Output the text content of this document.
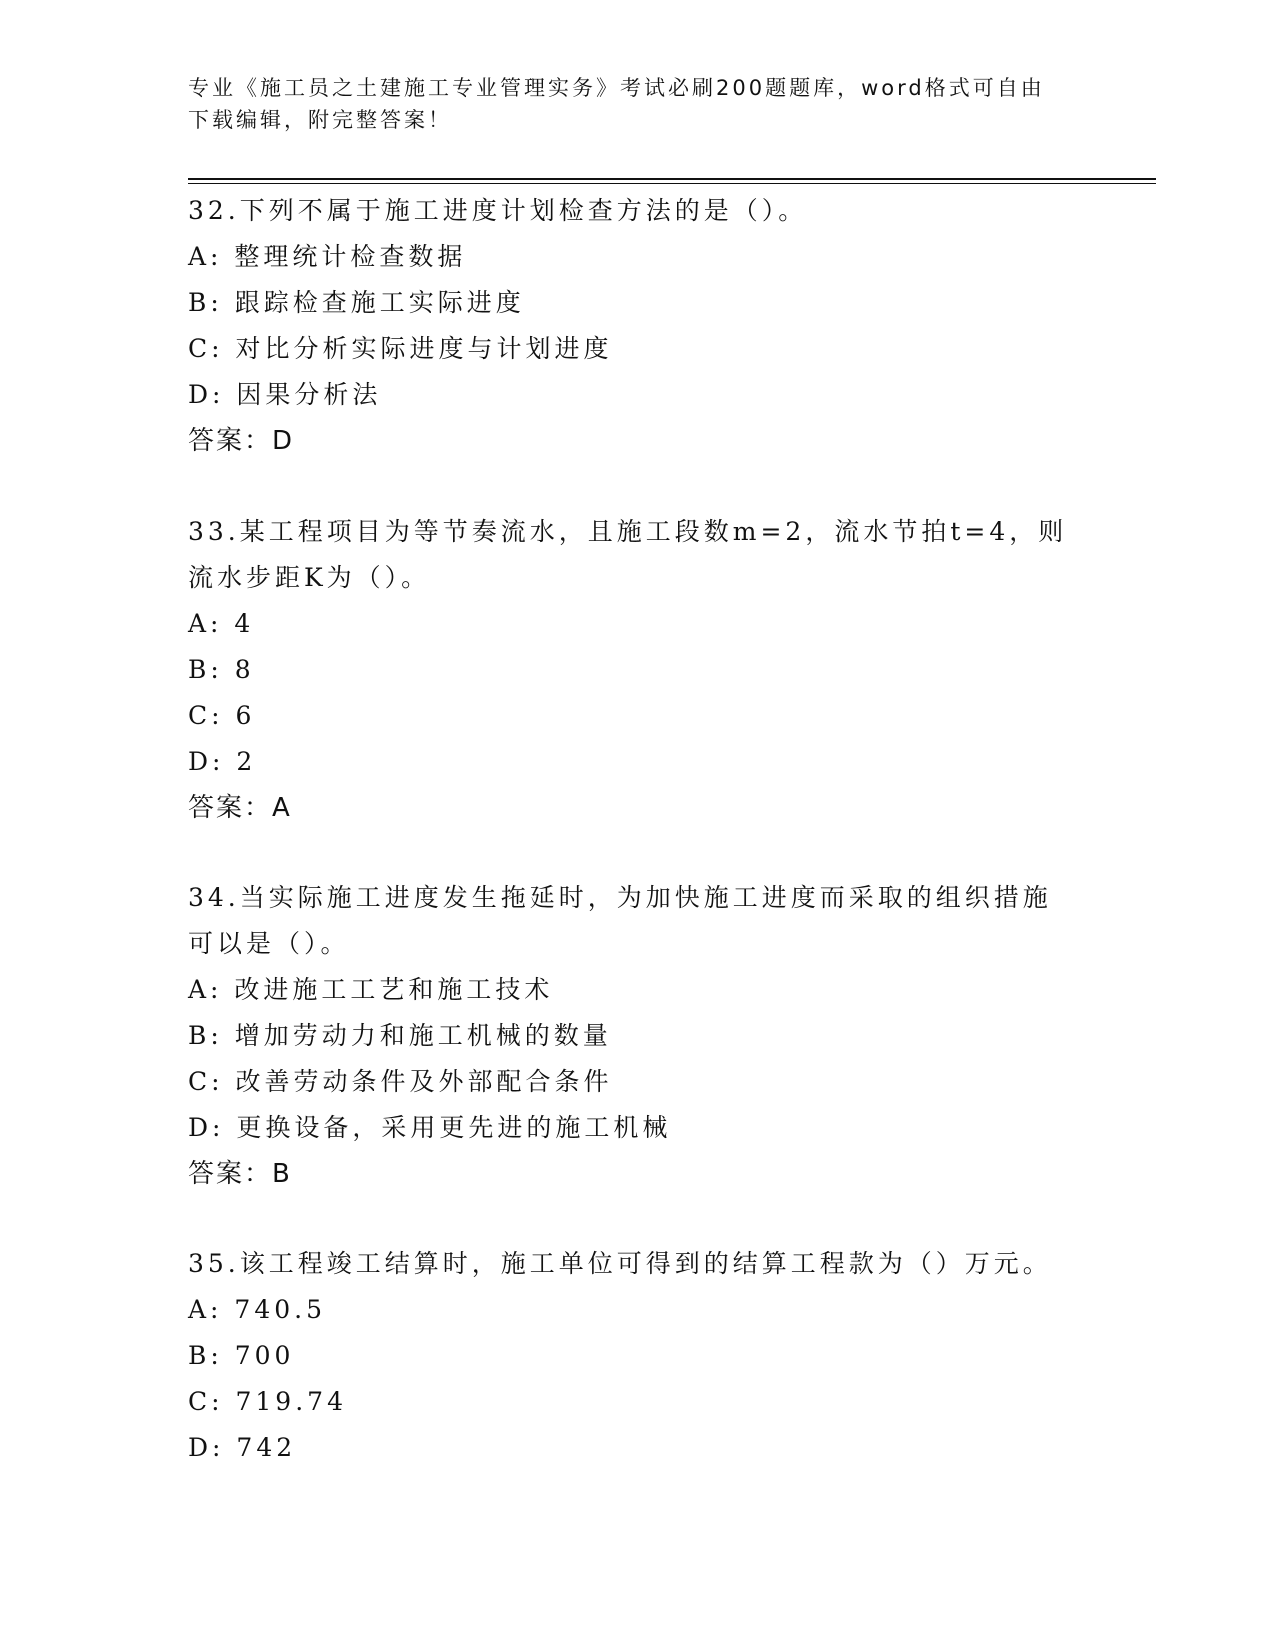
专业《施工员之土建施工专业管理实务》考试必刷200题题库，word格式可自由
下载编辑，附完整答案！

32.下列不属于施工进度计划检查方法的是（）。

A: 整理统计检查数据
B: 跟踪检查施工实际进度
C: 对比分析实际进度与计划进度
D: 因果分析法
答案：D

33.某工程项目为等节奏流水，且施工段数m=2，流水节拍t=4，则流水步距K为（）。

A: 4
B: 8
C: 6
D: 2
答案：A

34.当实际施工进度发生拖延时，为加快施工进度而采取的组织措施可以是（）。

A: 改进施工工艺和施工技术
B: 增加劳动力和施工机械的数量
C: 改善劳动条件及外部配合条件
D: 更换设备，采用更先进的施工机械
答案：B

35.该工程竣工结算时，施工单位可得到的结算工程款为（）万元。

A: 740.5
B: 700
C: 719.74
D: 742
